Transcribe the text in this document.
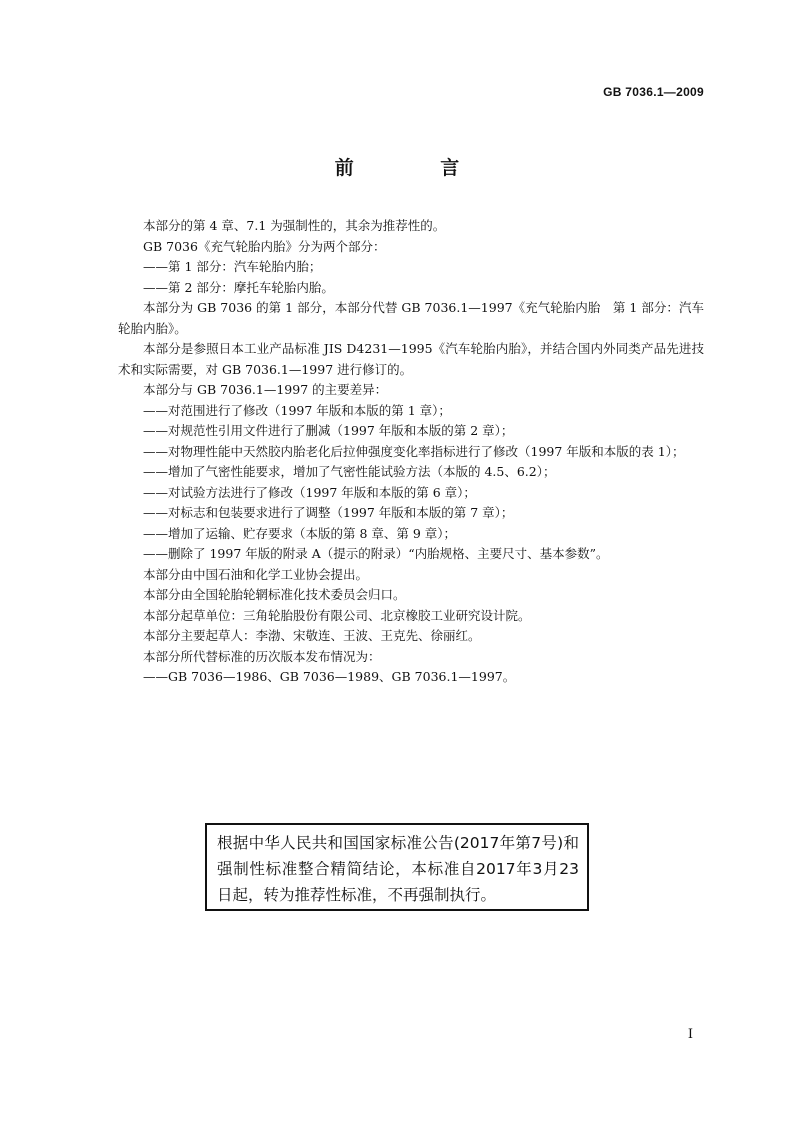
GB 7036.1—2009
前 言

本部分的第 4 章、7.1 为强制性的，其余为推荐性的。

GB 7036《充气轮胎内胎》分为两个部分：

——第 1 部分：汽车轮胎内胎；

——第 2 部分：摩托车轮胎内胎。

本部分为 GB 7036 的第 1 部分，本部分代替 GB 7036.1—1997《充气轮胎内胎　第 1 部分：汽车轮胎内胎》。

本部分是参照日本工业产品标准 JIS D4231—1995《汽车轮胎内胎》，并结合国内外同类产品先进技术和实际需要，对 GB 7036.1—1997 进行修订的。

本部分与 GB 7036.1—1997 的主要差异：

——对范围进行了修改（1997 年版和本版的第 1 章）；

——对规范性引用文件进行了删减（1997 年版和本版的第 2 章）；

——对物理性能中天然胶内胎老化后拉伸强度变化率指标进行了修改（1997 年版和本版的表 1）；

——增加了气密性能要求，增加了气密性能试验方法（本版的 4.5、6.2）；

——对试验方法进行了修改（1997 年版和本版的第 6 章）；

——对标志和包装要求进行了调整（1997 年版和本版的第 7 章）；

——增加了运输、贮存要求（本版的第 8 章、第 9 章）；

——删除了 1997 年版的附录 A（提示的附录）“内胎规格、主要尺寸、基本参数”。

本部分由中国石油和化学工业协会提出。

本部分由全国轮胎轮辋标准化技术委员会归口。

本部分起草单位：三角轮胎股份有限公司、北京橡胶工业研究设计院。

本部分主要起草人：李渤、宋敬连、王波、王克先、徐丽红。

本部分所代替标准的历次版本发布情况为：

——GB 7036—1986、GB 7036—1989、GB 7036.1—1997。

根据中华人民共和国国家标准公告(2017年第7号)和强制性标准整合精简结论，本标准自2017年3月23日起，转为推荐性标准，不再强制执行。
I
